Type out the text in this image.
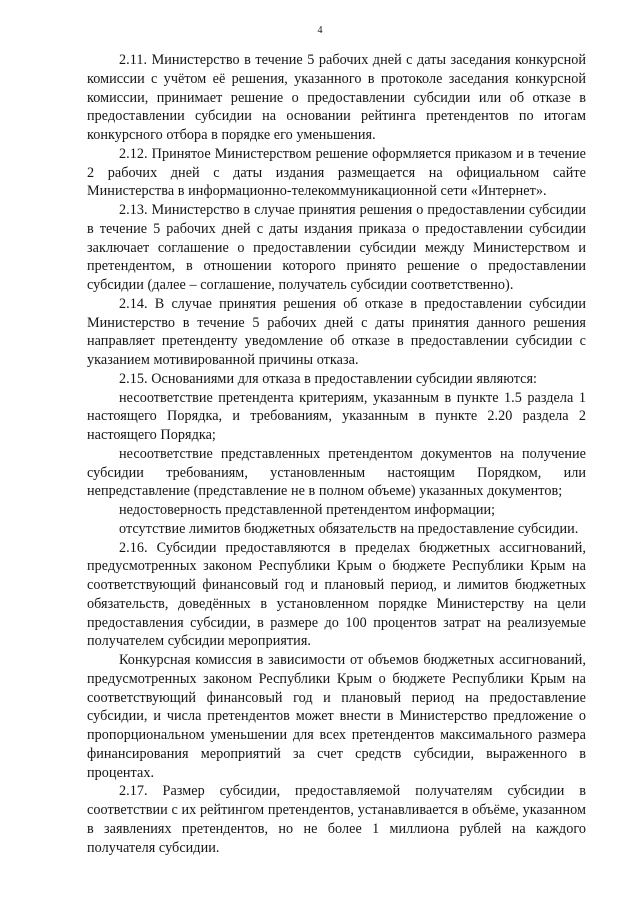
4

2.11. Министерство в течение 5 рабочих дней с даты заседания конкурсной комиссии с учётом её решения, указанного в протоколе заседания конкурсной комиссии, принимает решение о предоставлении субсидии или об отказе в предоставлении субсидии на основании рейтинга претендентов по итогам конкурсного отбора в порядке его уменьшения.

2.12. Принятое Министерством решение оформляется приказом и в течение 2 рабочих дней с даты издания размещается на официальном сайте Министерства в информационно-телекоммуникационной сети «Интернет».

2.13. Министерство в случае принятия решения о предоставлении субсидии в течение 5 рабочих дней с даты издания приказа о предоставлении субсидии заключает соглашение о предоставлении субсидии между Министерством и претендентом, в отношении которого принято решение о предоставлении субсидии (далее – соглашение, получатель субсидии соответственно).

2.14. В случае принятия решения об отказе в предоставлении субсидии Министерство в течение 5 рабочих дней с даты принятия данного решения направляет претенденту уведомление об отказе в предоставлении субсидии с указанием мотивированной причины отказа.

2.15. Основаниями для отказа в предоставлении субсидии являются:

несоответствие претендента критериям, указанным в пункте 1.5 раздела 1 настоящего Порядка, и требованиям, указанным в пункте 2.20 раздела 2 настоящего Порядка;

несоответствие представленных претендентом документов на получение субсидии требованиям, установленным настоящим Порядком, или непредставление (представление не в полном объеме) указанных документов;

недостоверность представленной претендентом информации;

отсутствие лимитов бюджетных обязательств на предоставление субсидии.

2.16. Субсидии предоставляются в пределах бюджетных ассигнований, предусмотренных законом Республики Крым о бюджете Республики Крым на соответствующий финансовый год и плановый период, и лимитов бюджетных обязательств, доведённых в установленном порядке Министерству на цели предоставления субсидии, в размере до 100 процентов затрат на реализуемые получателем субсидии мероприятия.

Конкурсная комиссия в зависимости от объемов бюджетных ассигнований, предусмотренных законом Республики Крым о бюджете Республики Крым на соответствующий финансовый год и плановый период на предоставление субсидии, и числа претендентов может внести в Министерство предложение о пропорциональном уменьшении для всех претендентов максимального размера финансирования мероприятий за счет средств субсидии, выраженного в процентах.

2.17. Размер субсидии, предоставляемой получателям субсидии в соответствии с их рейтингом претендентов, устанавливается в объёме, указанном в заявлениях претендентов, но не более 1 миллиона рублей на каждого получателя субсидии.
